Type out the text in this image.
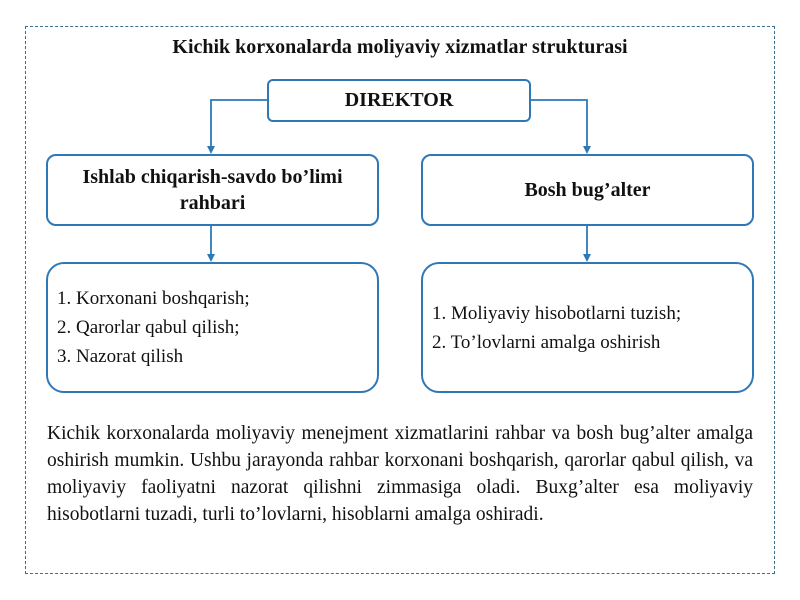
Kichik korxonalarda moliyaviy xizmatlar strukturasi
DIREKTOR
Ishlab chiqarish-savdo bo’limi rahbari
Bosh bug’alter
1. Korxonani boshqarish;
2. Qarorlar qabul qilish;
3. Nazorat qilish
1. Moliyaviy hisobotlarni tuzish;
2. To’lovlarni amalga oshirish
Kichik korxonalarda moliyaviy menejment xizmatlarini rahbar va bosh bug’alter amalga oshirish mumkin. Ushbu jarayonda rahbar korxonani boshqarish, qarorlar qabul qilish, va moliyaviy faoliyatni nazorat qilishni zimmasiga oladi. Buxg’alter esa moliyaviy hisobotlarni tuzadi, turli to’lovlarni, hisoblarni amalga oshiradi.
